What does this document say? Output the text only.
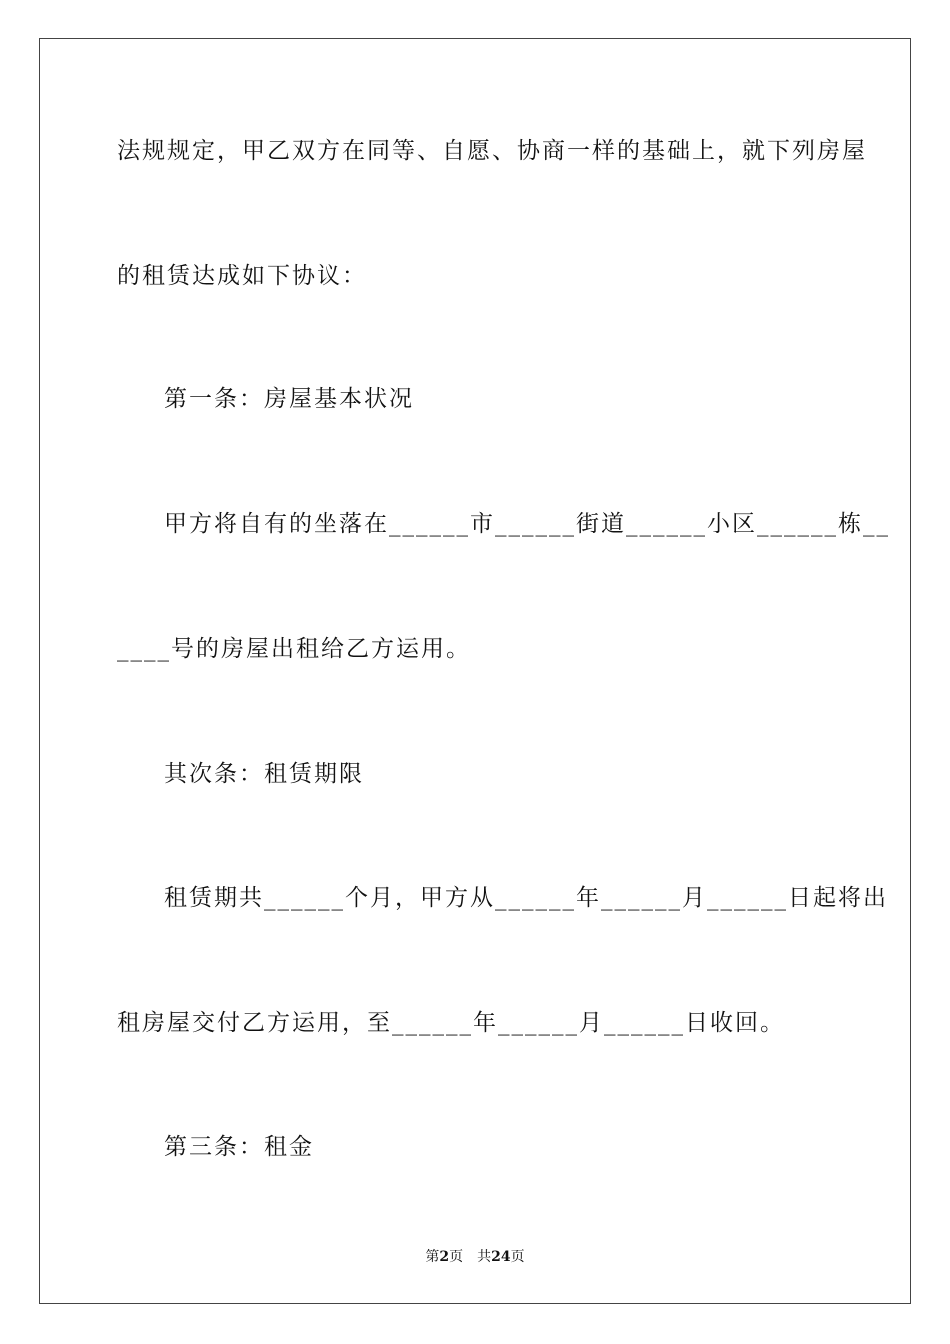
法规规定，甲乙双方在同等、自愿、协商一样的基础上，就下列房屋
的租赁达成如下协议：
第一条：房屋基本状况
甲方将自有的坐落在______市______街道______小区______栋__
____号的房屋出租给乙方运用。
其次条：租赁期限
租赁期共______个月，甲方从______年______月______日起将出
租房屋交付乙方运用，至______年______月______日收回。
第三条：租金
第2页　共24页
